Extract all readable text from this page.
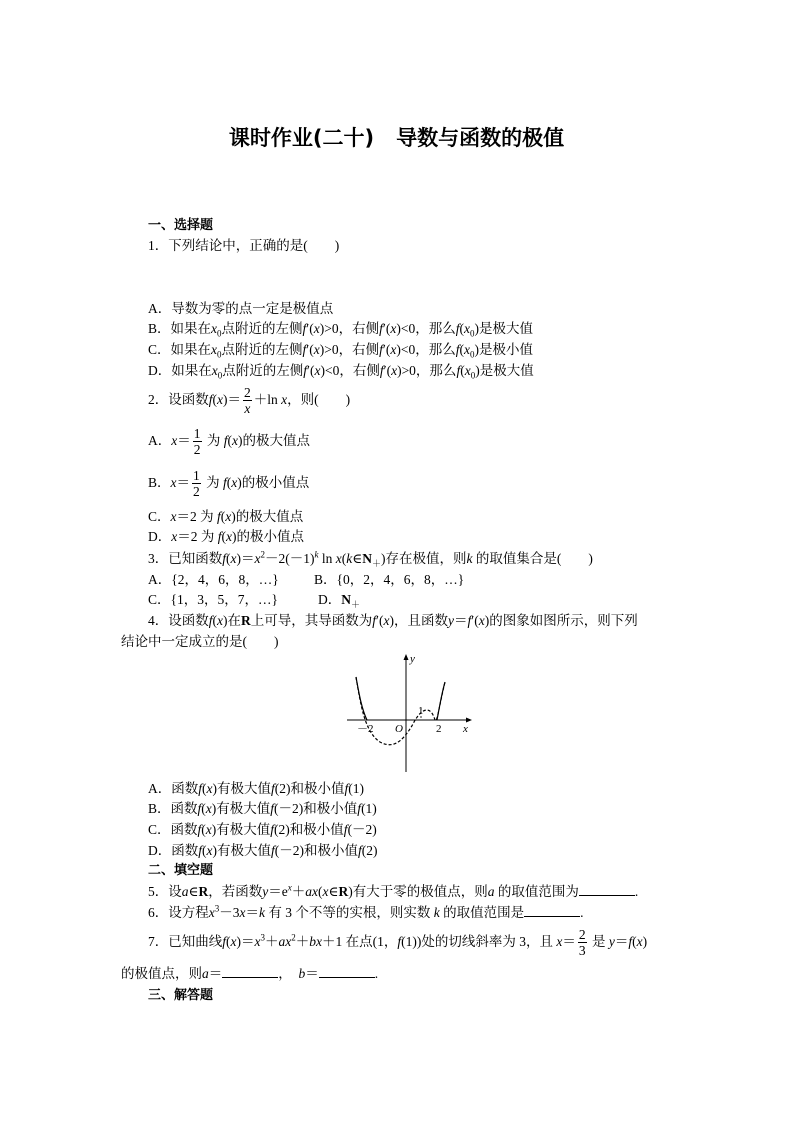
课时作业(二十) 导数与函数的极值
一、选择题
1．下列结论中，正确的是(　　)
A．导数为零的点一定是极值点
B．如果在$x_0$点附近的左侧f′(x)>0，右侧f′(x)<0，那么$f(x_0)$是极大值
C．如果在$x_0$点附近的左侧f′(x)>0，右侧f′(x)<0，那么$f(x_0)$是极小值
D．如果在$x_0$点附近的左侧f′(x)<0，右侧f′(x)>0，那么$f(x_0)$是极大值
2．设函数$f(x)= \frac{2}{x} +\ln$ x，则(　　)
A．$x= \frac{1}{2}$ 为 f(x)的极大值点
B．$x= \frac{1}{2}$ 为 f(x)的极小值点
C．x＝2 为 f(x)的极大值点
D．x＝2 为 f(x)的极小值点
3．已知函数$f(x)=x^2-2(-1)^k$ $\ln x(k\in N_+)$存在极值，则k 的取值集合是(　　)
A．{2，4，6，8，…}	B．{0，2，4，6，8，…}
C．{1，3，5，7，…}	D．$N_+$
4．设函数f(x)在R上可导，其导函数为f′(x)，且函数y＝f′(x)的图象如图所示，则下列
结论中一定成立的是(　　)
y
x
O
－2
1
2
A．函数f(x)有极大值f(2)和极小值f(1)
B．函数f(x)有极大值f(－2)和极小值f(1)
C．函数f(x)有极大值f(2)和极小值f(－2)
D．函数f(x)有极大值f(－2)和极小值f(2)
二、填空题
5．设a∈R，若函数$y=e^x+ax(x\in R)$有大于零的极值点，则a 的取值范围为	.
6．设方程$x^3-3x=k$ 有 3 个不等的实根，则实数 k 的取值范围是	.
7．已知曲线$f(x)=x^3+ax^2+bx+1$ 在点(1，f(1))处的切线斜率为 3，且 $x= \frac{2}{3}$ 是 y＝f(x)
的极值点，则a＝	，　 b＝	.
三、解答题
